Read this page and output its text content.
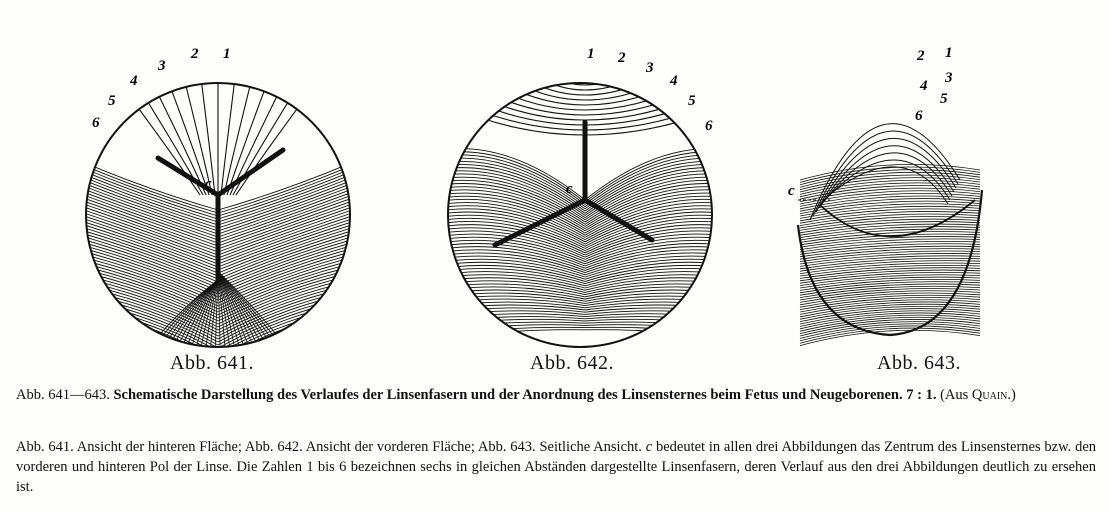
c
1
2
3
4
5
6
c
1 2
3
4
5
6
c
2 1
4 3
5
6
Abb. 641.	Abb. 642.	Abb. 643.
Abb. 641—643. Schematische Darstellung des Verlaufes der Linsenfasern und der Anordnung des Linsensternes beim Fetus und Neugeborenen. 7 : 1. (Aus Quain.)
Abb. 641. Ansicht der hinteren Fläche; Abb. 642. Ansicht der vorderen Fläche; Abb. 643. Seitliche Ansicht. c bedeutet in allen drei Abbildungen das Zentrum des Linsensternes bzw. den vorderen und hinteren Pol der Linse. Die Zahlen 1 bis 6 bezeichnen sechs in gleichen Abständen dargestellte Linsenfasern, deren Verlauf aus den drei Abbildungen deutlich zu ersehen ist.
